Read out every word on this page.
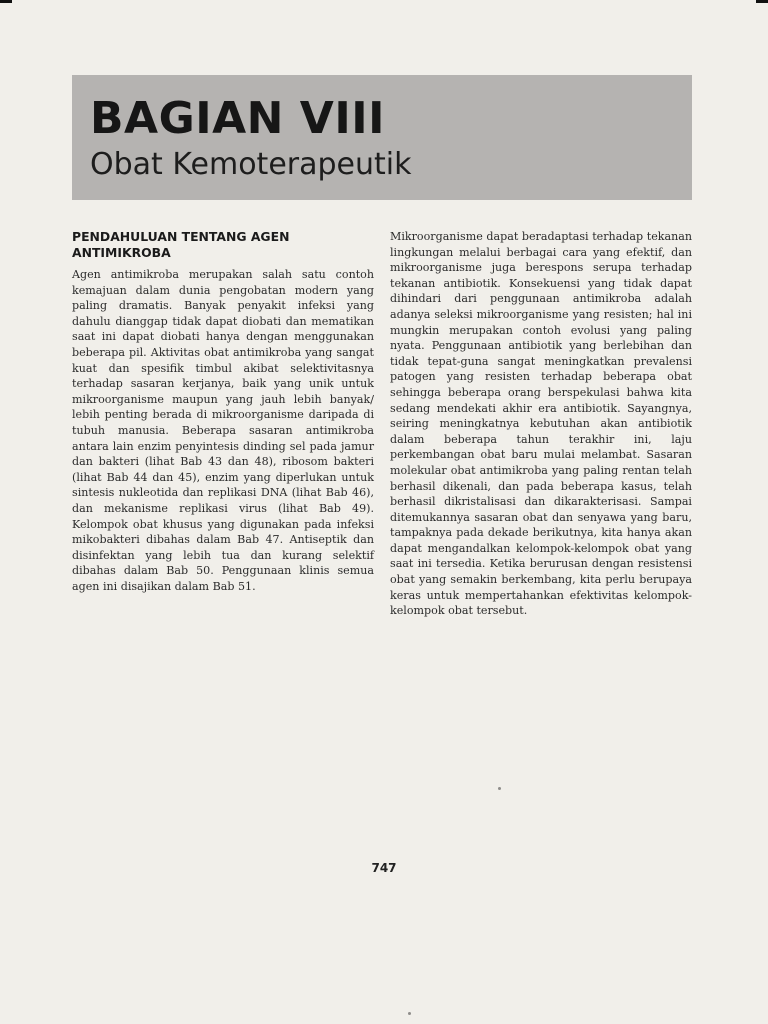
BAGIAN VIII
Obat Kemoterapeutik
PENDAHULUAN TENTANG AGEN ANTIMIKROBA

Agen antimikroba merupakan salah satu contoh kemajuan dalam dunia pengobatan modern yang paling dramatis. Banyak penyakit infeksi yang dahulu dianggap tidak dapat diobati dan mematikan saat ini dapat diobati hanya dengan menggunakan beberapa pil. Aktivitas obat antimikroba yang sangat kuat dan spesifik timbul akibat selektivitasnya terhadap sasaran kerjanya, baik yang unik untuk mikroorganisme maupun yang jauh lebih banyak/ lebih penting berada di mikroorganisme daripada di tubuh manusia. Beberapa sasaran antimikroba antara lain enzim penyintesis dinding sel pada jamur dan bakteri (lihat Bab 43 dan 48), ribosom bakteri (lihat Bab 44 dan 45), enzim yang diperlukan untuk sintesis nukleotida dan replikasi DNA (lihat Bab 46), dan mekanisme replikasi virus (lihat Bab 49). Kelompok obat khusus yang digunakan pada infeksi mikobakteri dibahas dalam Bab 47. Antiseptik dan disinfektan yang lebih tua dan kurang selektif dibahas dalam Bab 50. Penggunaan klinis semua agen ini disajikan dalam Bab 51.

Mikroorganisme dapat beradaptasi terhadap tekanan lingkungan melalui berbagai cara yang efektif, dan mikroorganisme juga berespons serupa terhadap tekanan antibiotik. Konsekuensi yang tidak dapat dihindari dari penggunaan antimikroba adalah adanya seleksi mikroorganisme yang resisten; hal ini mungkin merupakan contoh evolusi yang paling nyata. Penggunaan antibiotik yang berlebihan dan tidak tepat-guna sangat meningkatkan prevalensi patogen yang resisten terhadap beberapa obat sehingga beberapa orang berspekulasi bahwa kita sedang mendekati akhir era antibiotik. Sayangnya, seiring meningkatnya kebutuhan akan antibiotik dalam beberapa tahun terakhir ini, laju perkembangan obat baru mulai melambat. Sasaran molekular obat antimikroba yang paling rentan telah berhasil dikenali, dan pada beberapa kasus, telah berhasil dikristalisasi dan dikarakterisasi. Sampai ditemukannya sasaran obat dan senyawa yang baru, tampaknya pada dekade berikutnya, kita hanya akan dapat mengandalkan kelompok-kelompok obat yang saat ini tersedia. Ketika berurusan dengan resistensi obat yang semakin berkembang, kita perlu berupaya keras untuk mempertahankan efektivitas kelompok-kelompok obat tersebut.

747
